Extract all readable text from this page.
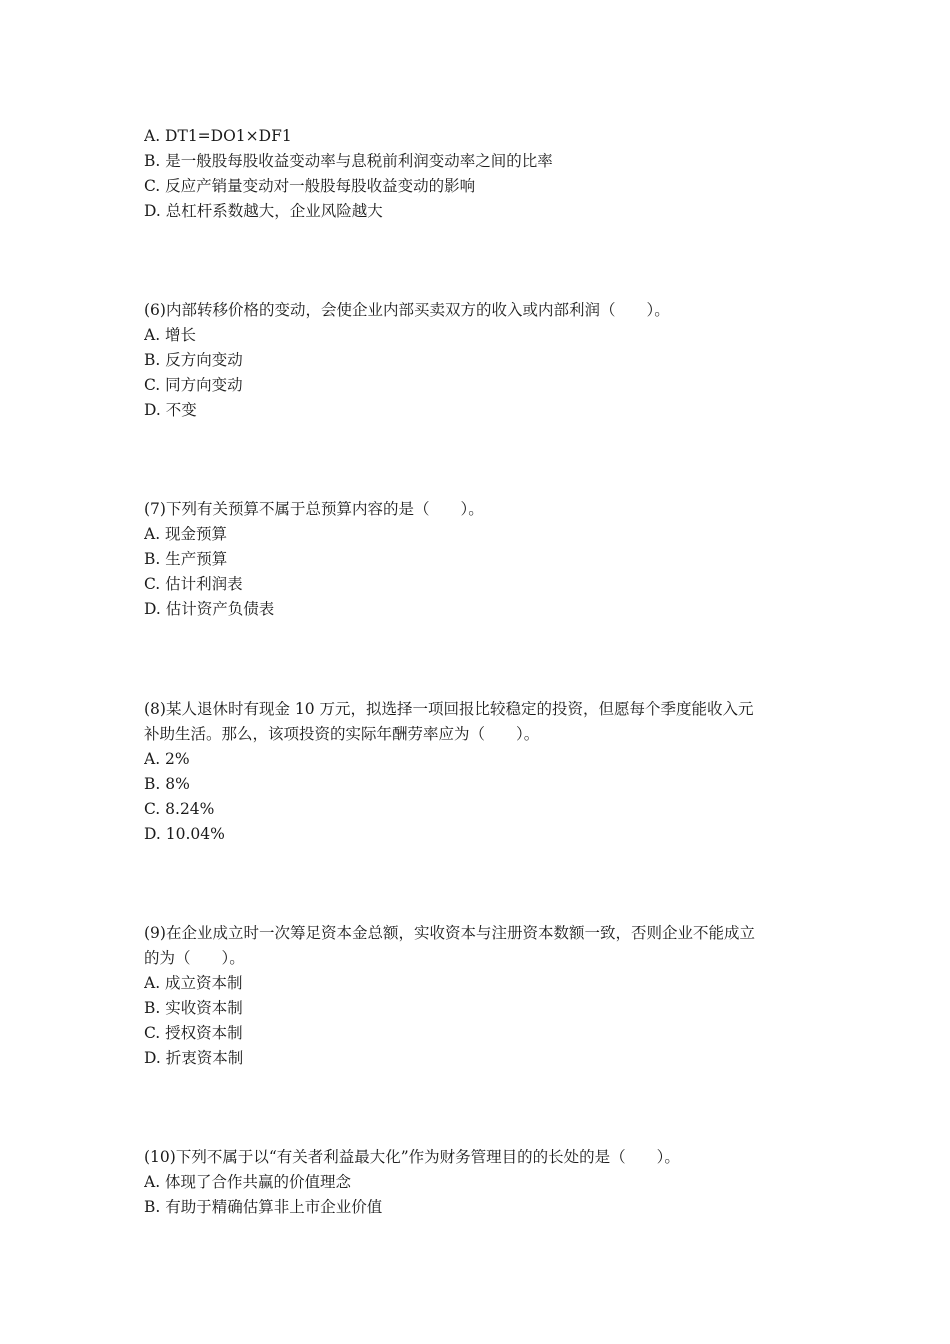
A. DT1=DO1×DF1
B. 是一般股每股收益变动率与息税前利润变动率之间的比率
C. 反应产销量变动对一般股每股收益变动的影响
D. 总杠杆系数越大，企业风险越大
(6)内部转移价格的变动，会使企业内部买卖双方的收入或内部利润（　　）。
A. 增长
B. 反方向变动
C. 同方向变动
D. 不变
(7)下列有关预算不属于总预算内容的是（　　）。
A. 现金预算
B. 生产预算
C. 估计利润表
D. 估计资产负债表
(8)某人退休时有现金 10 万元，拟选择一项回报比较稳定的投资，但愿每个季度能收入元
补助生活。那么，该项投资的实际年酬劳率应为（　　）。
A. 2%
B. 8%
C. 8.24%
D. 10.04%
(9)在企业成立时一次筹足资本金总额，实收资本与注册资本数额一致，否则企业不能成立
的为（　　）。
A. 成立资本制
B. 实收资本制
C. 授权资本制
D. 折衷资本制
(10)下列不属于以“有关者利益最大化”作为财务管理目的的长处的是（　　）。
A. 体现了合作共赢的价值理念
B. 有助于精确估算非上市企业价值
